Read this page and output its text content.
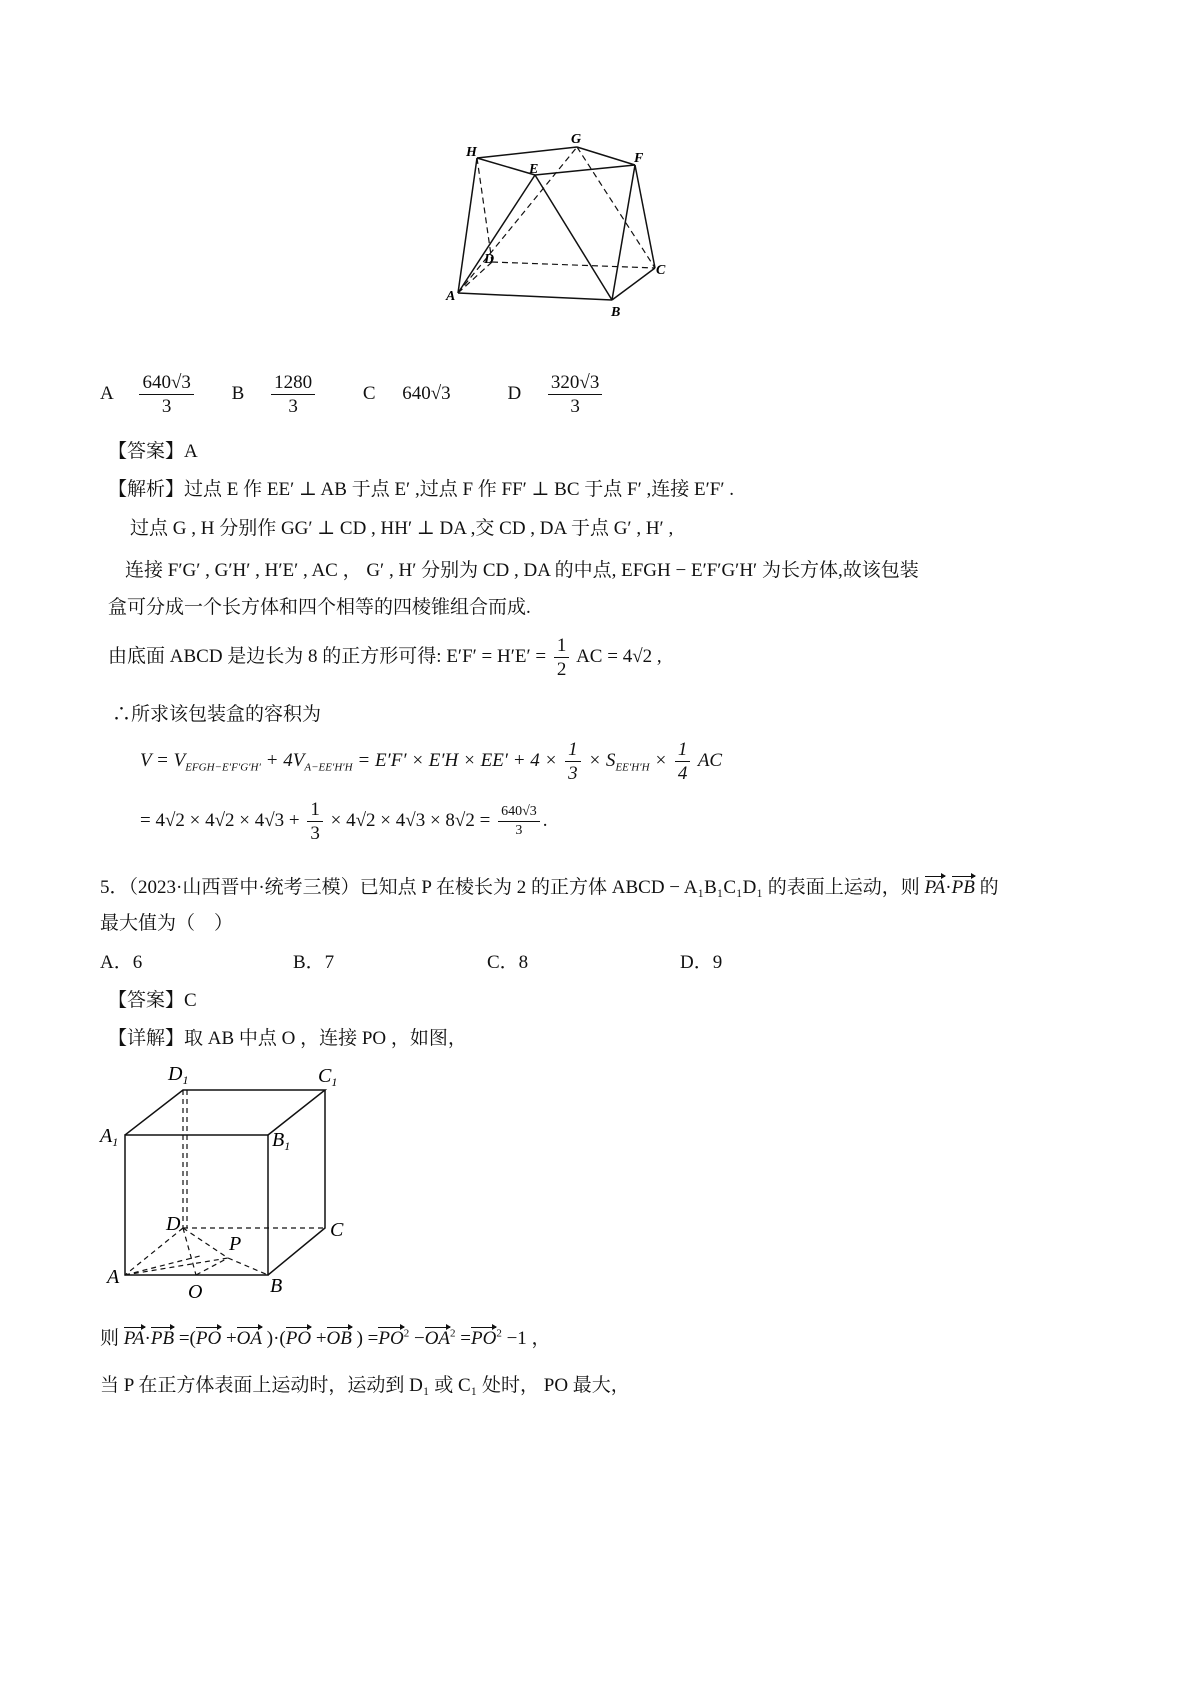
H
G
F
E
D
C
A
B
A $\frac{640√3}{3}$ B $\frac{1280}{3}$	C 640√3	D $\frac{320√3}{3}$
【答案】A
【解析】过点 E 作 EE′ ⊥ AB 于点 E′ ,过点 F 作 FF′ ⊥ BC 于点 F′ ,连接 E′F′ .
过点 G , H 分别作 GG′ ⊥ CD , HH′ ⊥ DA ,交 CD , DA 于点 G′ , H′ ,
连接 F′G′ , G′H′ , H′E′ , AC ， G′ , H′ 分别为 CD , DA 的中点, EFGH − E′F′G′H′ 为长方体,故该包装
盒可分成一个长方体和四个相等的四棱锥组合而成.
由底面 ABCD 是边长为 8 的正方形可得: $E'F' = H'E' = \frac{1}{2}$ AC = 4√2 ,
∴所求该包装盒的容积为
$V = V_{EFGH-E'F'G'H'} + 4V_{A-EE'H'H} = E'F' \times E'H \times EE' + 4 \times \frac{1}{3} \times S_{EE'H'H} \times \frac{1}{4}$ AC
= $4√2 \times 4√2 \times 4√3 + \frac{1}{3} \times 4√2 \times 4√3 \times 8√2 = \frac{640√3}{3}$ .
5．（2023·山西晋中·统考三模）已知点 P 在棱长为 2 的正方体 ABCD − A₁B₁C₁D₁ 的表面上运动，则 PA·PB 的
最大值为（　）
A．6	B．7	C．8	D．9
【答案】C
【详解】取 AB 中点 O ，连接 PO ，如图，
$A_1$	$B_1$
$C_1$
$D_1$
A	B
C
D
O
P
则 PA·PB =(PO +OA )·(PO +OB ) $=PO^2 -OA^2 =PO^2 -1$ ，
当 P 在正方体表面上运动时，运动到 D₁ 或 C₁ 处时， PO 最大，
